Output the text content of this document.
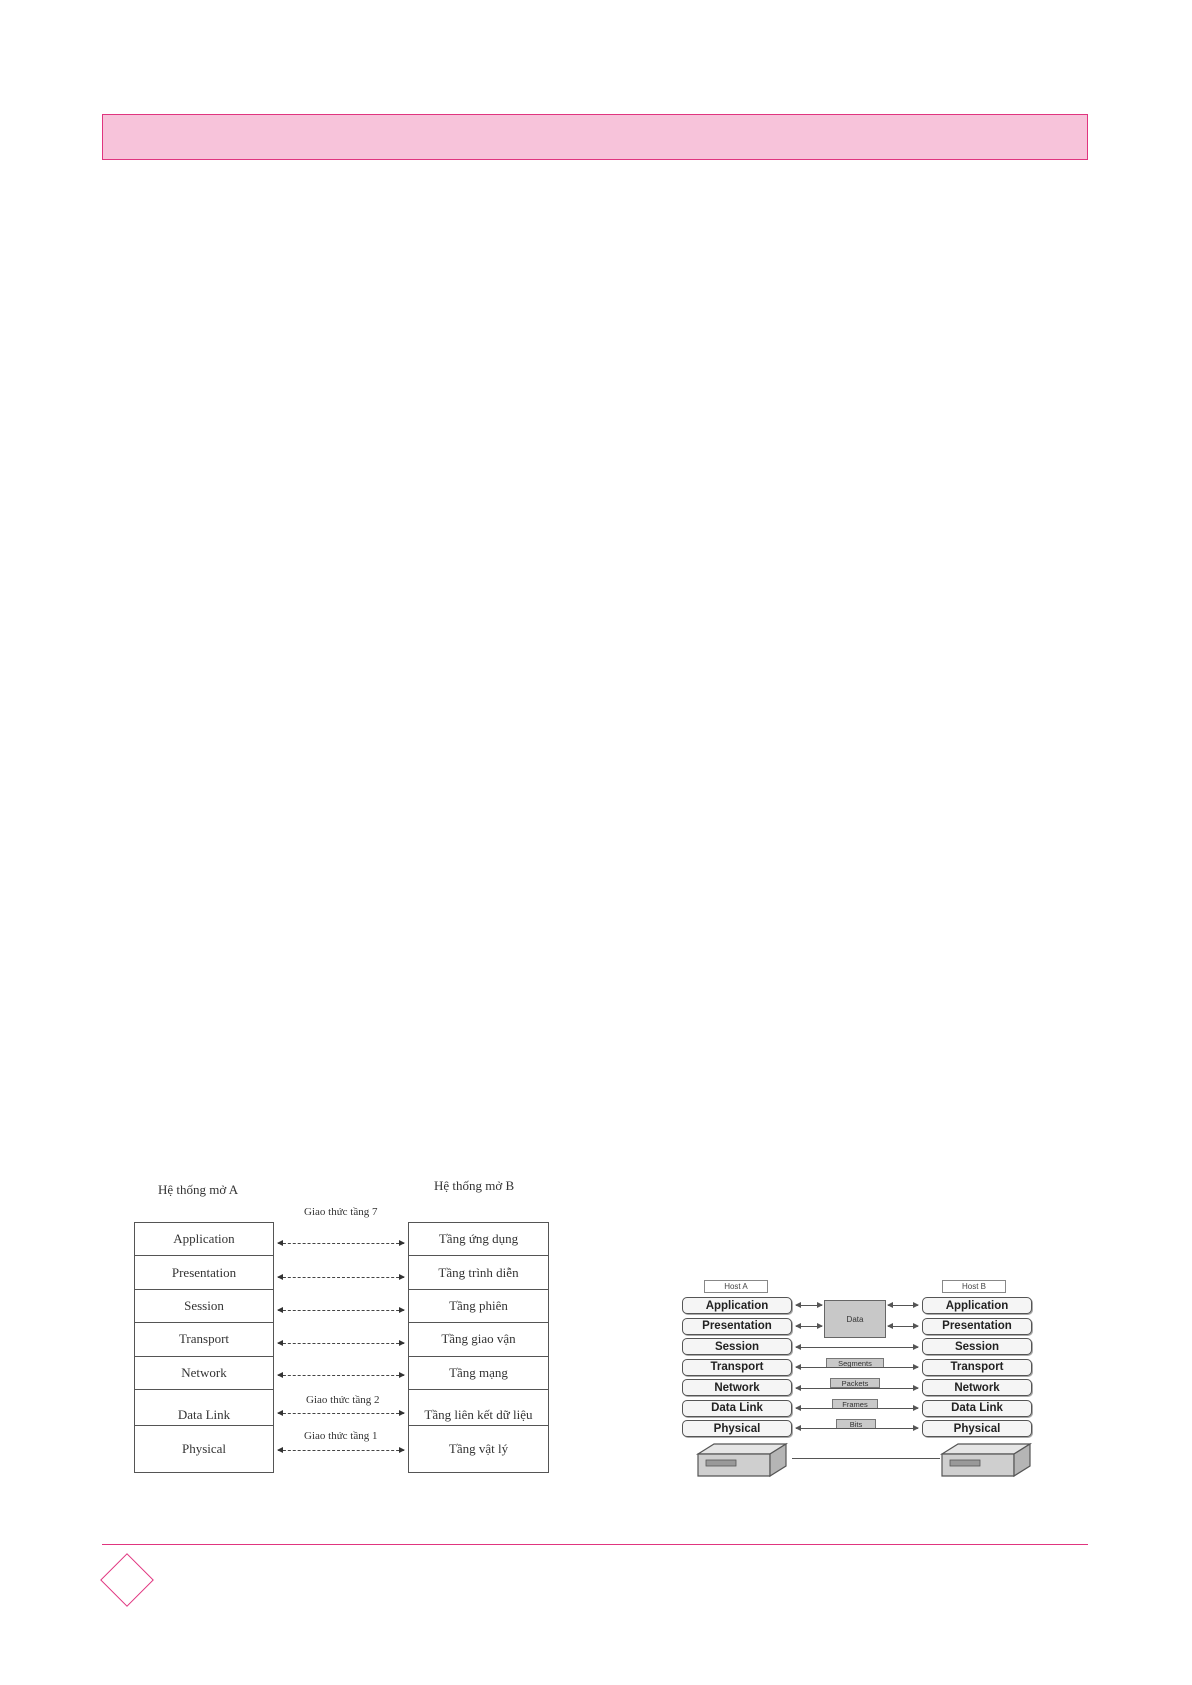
Hệ thống mở A	Hệ thống mở B
Giao thức tầng 7
Application
Presentation
Session
Transport
Network
Data Link
Physical
Tầng ứng dụng
Tầng trình diễn
Tầng phiên
Tầng giao vận
Tầng mạng
Tầng liên kết dữ liệu
Tầng vật lý
Giao thức tầng 2
Giao thức tầng 1
Host A	Host B
Application
Presentation
Session
Transport
Network
Data Link
Physical
Application
Presentation
Session
Transport
Network
Data Link
Physical
Data
Segments
Packets
Frames
Bits
